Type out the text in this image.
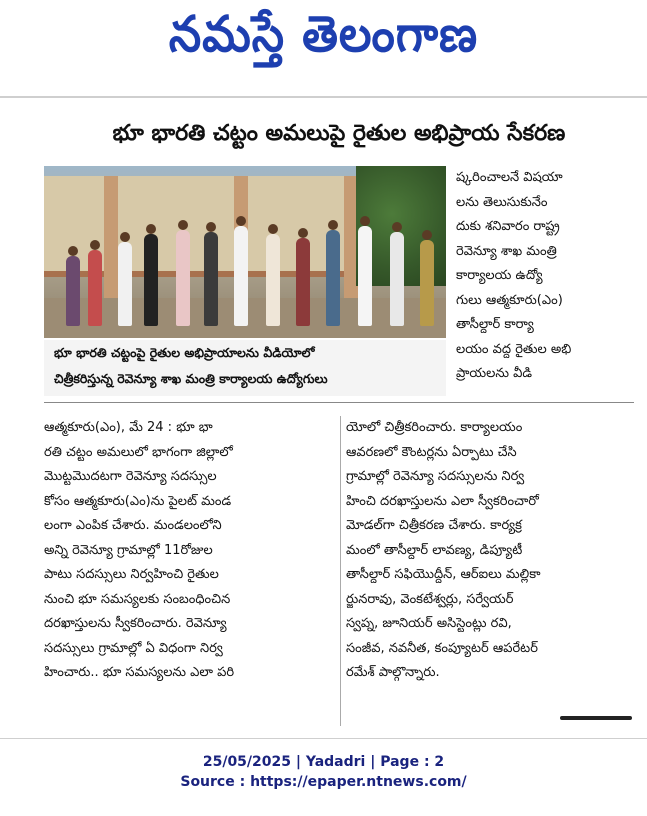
నమస్తే తెలంగాణ
భూ భారతి చట్టం అమలుపై రైతుల అభిప్రాయ సేకరణ
భూ భారతి చట్టంపై రైతుల అభిప్రాయాలను వీడియోలో
చిత్రీకరిస్తున్న రెవెన్యూ శాఖ మంత్రి కార్యాలయ ఉద్యోగులు
ష్కరించాలనే విషయా
లను తెలుసుకునేం
దుకు శనివారం రాష్ట్ర
రెవెన్యూ శాఖ మంత్రి
కార్యాలయ ఉద్యో
గులు ఆత్మకూరు(ఎం)
తాసీల్దార్ కార్యా
లయం వద్ద రైతుల అభి
ప్రాయలను వీడి
ఆత్మకూరు(ఎం), మే 24 : భూ భా
రతి చట్టం అమలులో భాగంగా జిల్లాలో
మొట్టమొదటగా రెవెన్యూ సదస్సుల
కోసం ఆత్మకూరు(ఎం)ను పైలట్ మండ
లంగా ఎంపిక చేశారు. మండలంలోని
అన్ని రెవెన్యూ గ్రామాల్లో 11రోజుల
పాటు సదస్సులు నిర్వహించి రైతుల
నుంచి భూ సమస్యలకు సంబంధించిన
దరఖాస్తులను స్వీకరించారు. రెవెన్యూ
సదస్సులు గ్రామాల్లో ఏ విధంగా నిర్వ
హించారు.. భూ సమస్యలను ఎలా పరి
యోలో చిత్రీకరించారు. కార్యాలయం
ఆవరణలో కౌంటర్లను ఏర్పాటు చేసి
గ్రామాల్లో రెవెన్యూ సదస్సులను నిర్వ
హించి దరఖాస్తులను ఎలా స్వీకరించారో
మోడల్‌గా చిత్రీకరణ చేశారు. కార్యక్ర
మంలో తాసీల్దార్ లావణ్య, డిప్యూటీ
తాసీల్దార్ సఫియొద్దీన్, ఆర్ఐలు మల్లికా
ర్జునరావు, వెంకటేశ్వర్లు, సర్వేయర్
స్వప్న, జూనియర్ అసిస్టెంట్లు రవి,
సంజీవ, నవనీత, కంప్యూటర్ ఆపరేటర్
రమేశ్ పాల్గొన్నారు.
25/05/2025 | Yadadri | Page : 2
Source : https://epaper.ntnews.com/
